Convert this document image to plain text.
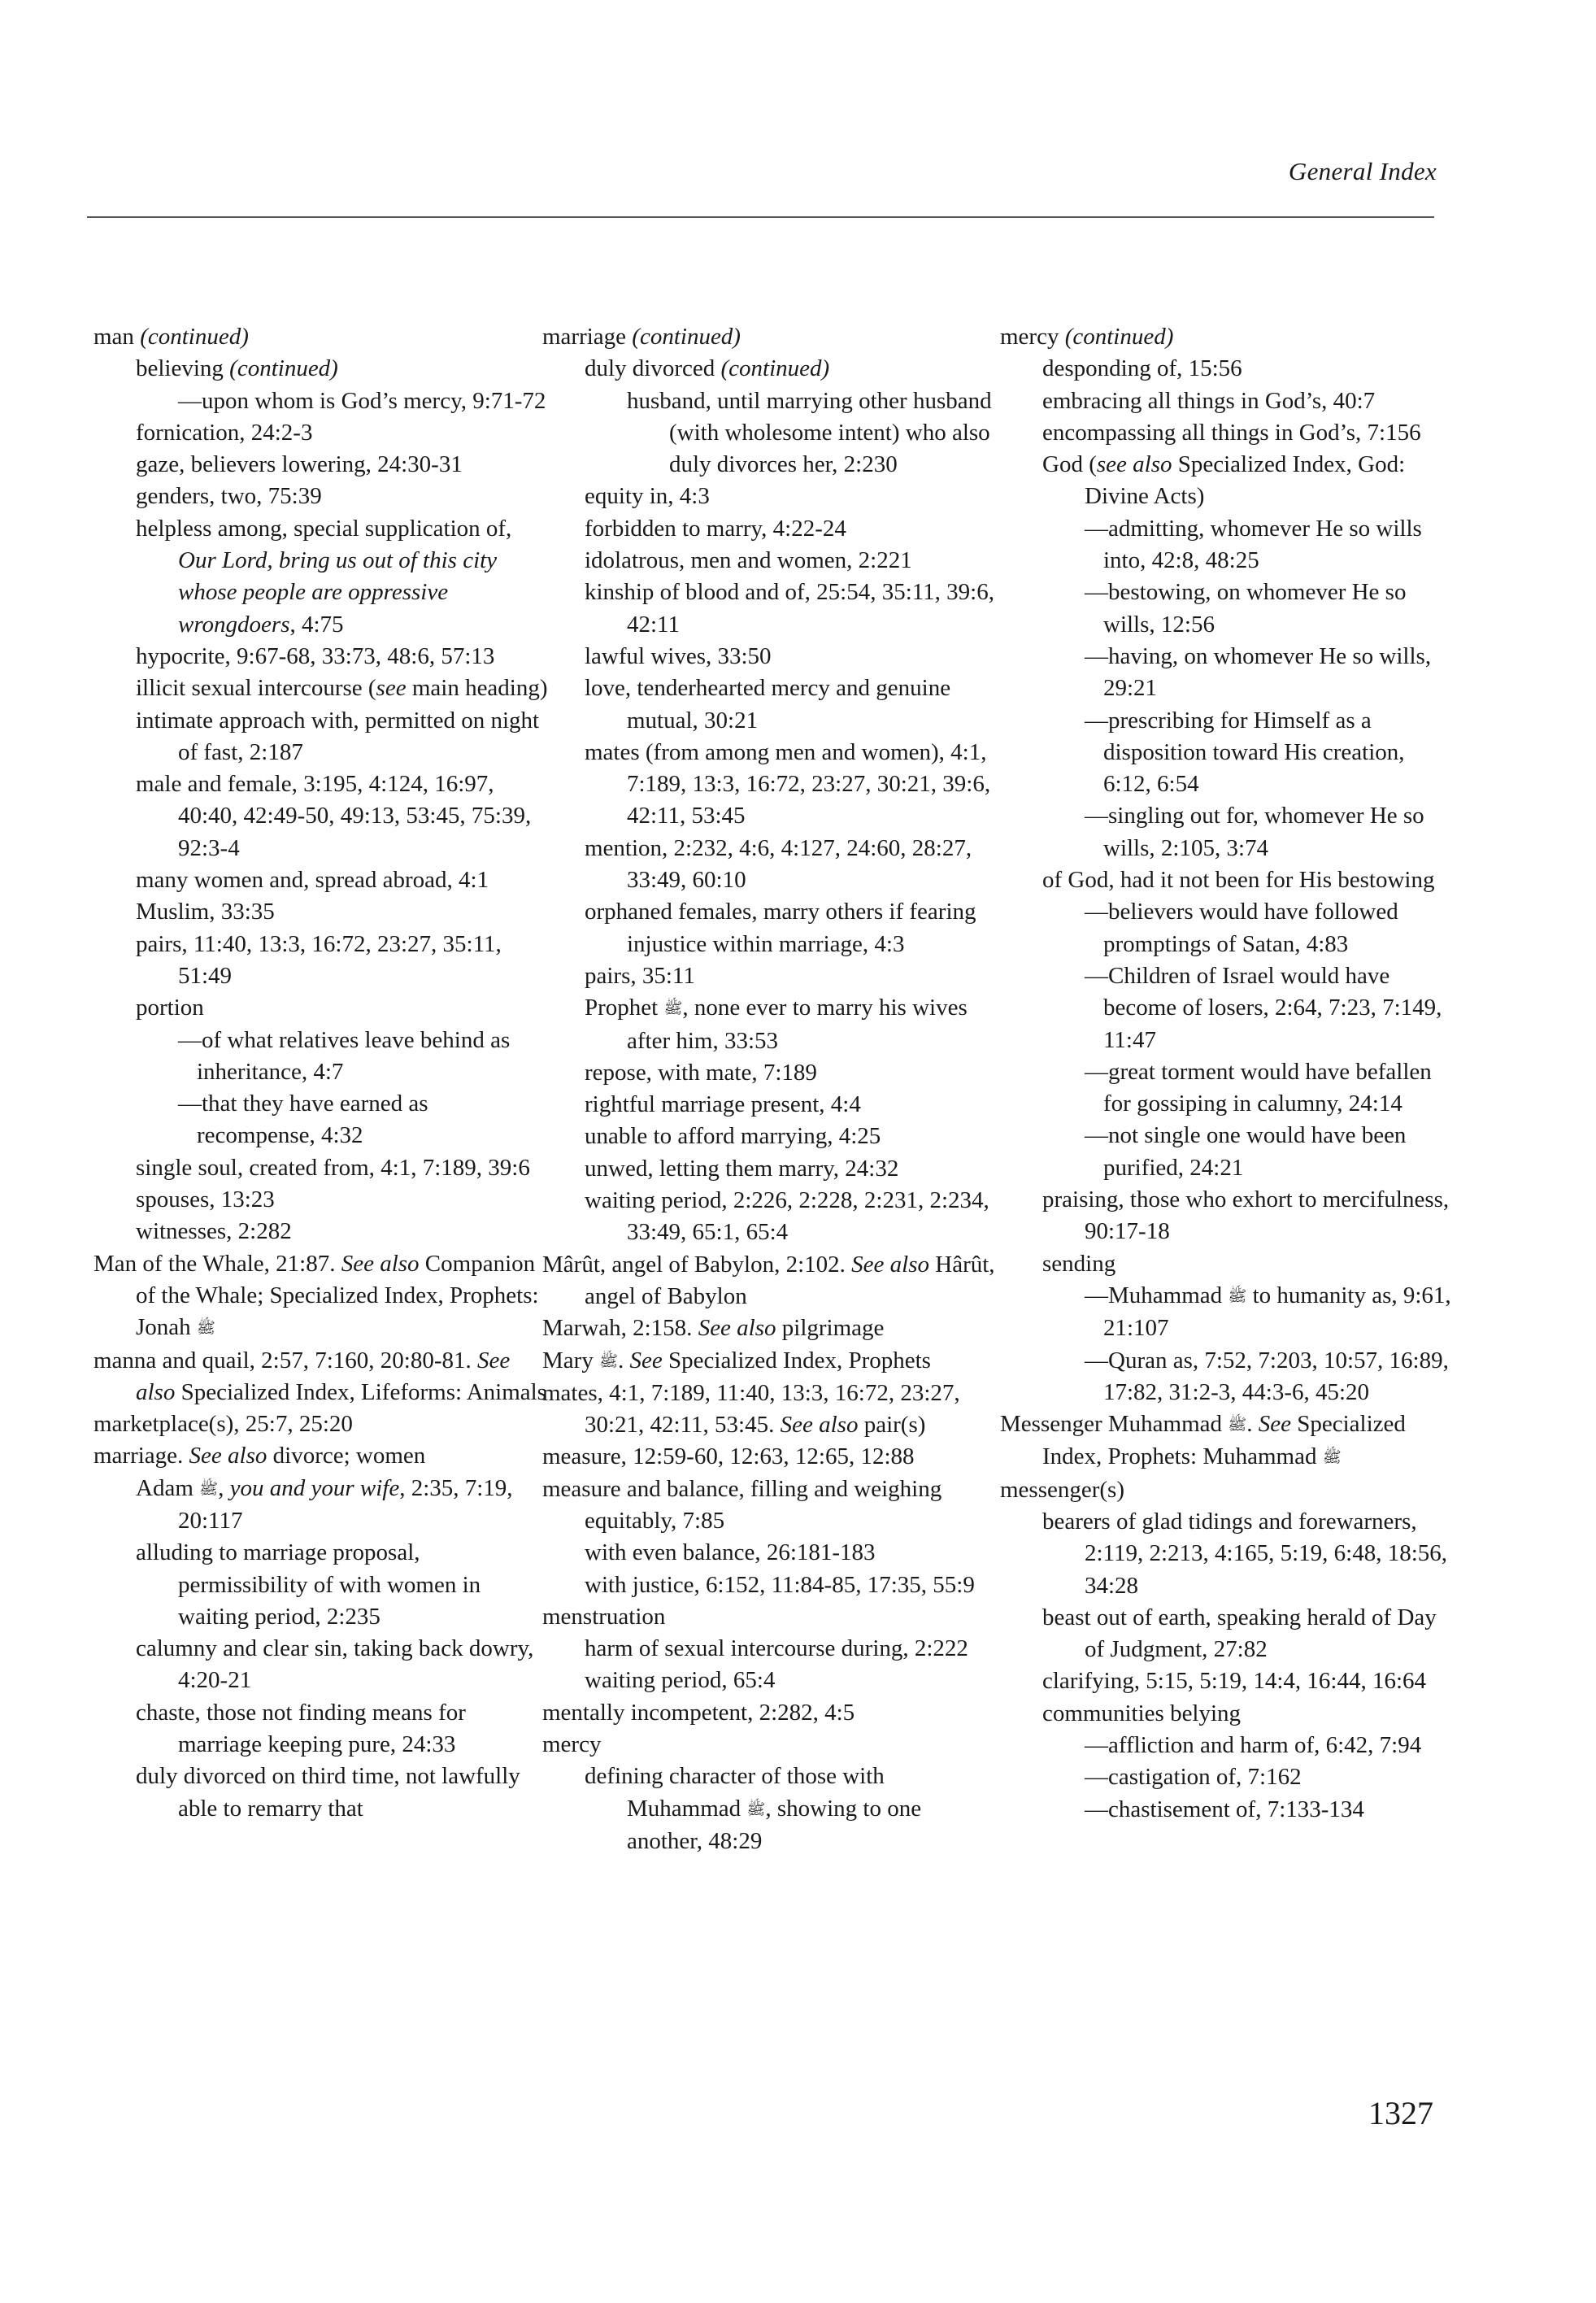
General Index
man (continued)
believing (continued)
—upon whom is God’s mercy, 9:71-72
fornication, 24:2-3
gaze, believers lowering, 24:30-31
genders, two, 75:39
helpless among, special supplication of, Our Lord, bring us out of this city whose people are oppressive wrongdoers, 4:75
hypocrite, 9:67-68, 33:73, 48:6, 57:13
illicit sexual intercourse (see main heading)
intimate approach with, permitted on night of fast, 2:187
male and female, 3:195, 4:124, 16:97, 40:40, 42:49-50, 49:13, 53:45, 75:39, 92:3-4
many women and, spread abroad, 4:1
Muslim, 33:35
pairs, 11:40, 13:3, 16:72, 23:27, 35:11, 51:49
portion
—of what relatives leave behind as inheritance, 4:7
—that they have earned as recompense, 4:32
single soul, created from, 4:1, 7:189, 39:6
spouses, 13:23
witnesses, 2:282
Man of the Whale, 21:87. See also Companion of the Whale; Specialized Index, Prophets: Jonah ﷺ
manna and quail, 2:57, 7:160, 20:80-81. See also Specialized Index, Lifeforms: Animals
marketplace(s), 25:7, 25:20
marriage. See also divorce; women
Adam ﷺ, you and your wife, 2:35, 7:19, 20:117
alluding to marriage proposal, permissibility of with women in waiting period, 2:235
calumny and clear sin, taking back dowry, 4:20-21
chaste, those not finding means for marriage keeping pure, 24:33
duly divorced on third time, not lawfully able to remarry that
marriage (continued)
duly divorced (continued)
husband, until marrying other husband (with wholesome intent) who also duly divorces her, 2:230
equity in, 4:3
forbidden to marry, 4:22-24
idolatrous, men and women, 2:221
kinship of blood and of, 25:54, 35:11, 39:6, 42:11
lawful wives, 33:50
love, tenderhearted mercy and genuine mutual, 30:21
mates (from among men and women), 4:1, 7:189, 13:3, 16:72, 23:27, 30:21, 39:6, 42:11, 53:45
mention, 2:232, 4:6, 4:127, 24:60, 28:27, 33:49, 60:10
orphaned females, marry others if fearing injustice within marriage, 4:3
pairs, 35:11
Prophet ﷺ, none ever to marry his wives after him, 33:53
repose, with mate, 7:189
rightful marriage present, 4:4
unable to afford marrying, 4:25
unwed, letting them marry, 24:32
waiting period, 2:226, 2:228, 2:231, 2:234, 33:49, 65:1, 65:4
Mârût, angel of Babylon, 2:102. See also Hârût, angel of Babylon
Marwah, 2:158. See also pilgrimage
Mary ﷺ. See Specialized Index, Prophets
mates, 4:1, 7:189, 11:40, 13:3, 16:72, 23:27, 30:21, 42:11, 53:45. See also pair(s)
measure, 12:59-60, 12:63, 12:65, 12:88
measure and balance, filling and weighing equitably, 7:85
with even balance, 26:181-183
with justice, 6:152, 11:84-85, 17:35, 55:9
menstruation
harm of sexual intercourse during, 2:222
waiting period, 65:4
mentally incompetent, 2:282, 4:5
mercy
defining character of those with Muhammad ﷺ, showing to one another, 48:29
mercy (continued)
desponding of, 15:56
embracing all things in God’s, 40:7
encompassing all things in God’s, 7:156
God (see also Specialized Index, God: Divine Acts)
—admitting, whomever He so wills into, 42:8, 48:25
—bestowing, on whomever He so wills, 12:56
—having, on whomever He so wills, 29:21
—prescribing for Himself as a disposition toward His creation, 6:12, 6:54
—singling out for, whomever He so wills, 2:105, 3:74
of God, had it not been for His bestowing
—believers would have followed promptings of Satan, 4:83
—Children of Israel would have become of losers, 2:64, 7:23, 7:149, 11:47
—great torment would have befallen for gossiping in calumny, 24:14
—not single one would have been purified, 24:21
praising, those who exhort to mercifulness, 90:17-18
sending
—Muhammad ﷺ to humanity as, 9:61, 21:107
—Quran as, 7:52, 7:203, 10:57, 16:89, 17:82, 31:2-3, 44:3-6, 45:20
Messenger Muhammad ﷺ. See Specialized Index, Prophets: Muhammad ﷺ
messenger(s)
bearers of glad tidings and forewarners, 2:119, 2:213, 4:165, 5:19, 6:48, 18:56, 34:28
beast out of earth, speaking herald of Day of Judgment, 27:82
clarifying, 5:15, 5:19, 14:4, 16:44, 16:64
communities belying
—affliction and harm of, 6:42, 7:94
—castigation of, 7:162
—chastisement of, 7:133-134
1327
